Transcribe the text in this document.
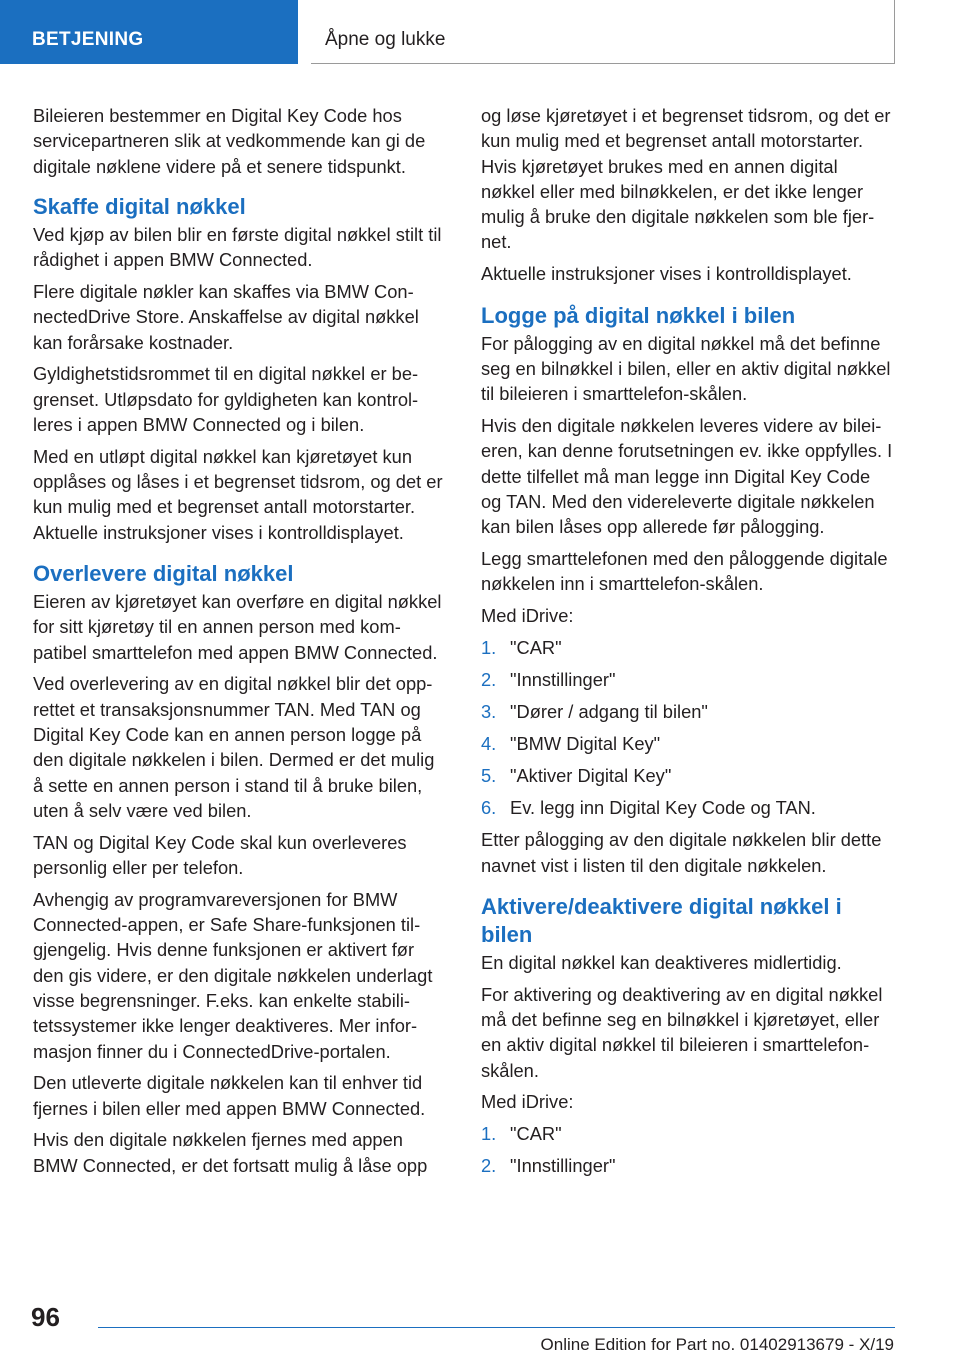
BETJENING	Åpne og lukke

Bileieren bestemmer en Digital Key Code hos servicepartneren slik at vedkommende kan gi de digitale nøklene videre på et senere tidspunkt.

Skaffe digital nøkkel

Ved kjøp av bilen blir en første digital nøkkel stilt til rådighet i appen BMW Connected.

Flere digitale nøkler kan skaffes via BMW ConnectedDrive Store. Anskaffelse av digital nøkkel kan forårsake kostnader.

Gyldighetstidsrommet til en digital nøkkel er begrenset. Utløpsdato for gyldigheten kan kontrolleres i appen BMW Connected og i bilen.

Med en utløpt digital nøkkel kan kjøretøyet kun opplåses og låses i et begrenset tidsrom, og det er kun mulig med et begrenset antall motorstarter. Aktuelle instruksjoner vises i kontrolldisplayet.

Overlevere digital nøkkel

Eieren av kjøretøyet kan overføre en digital nøkkel for sitt kjøretøy til en annen person med kompatibel smarttelefon med appen BMW Connected.

Ved overlevering av en digital nøkkel blir det opprettet et transaksjonsnummer TAN. Med TAN og Digital Key Code kan en annen person logge på den digitale nøkkelen i bilen. Dermed er det mulig å sette en annen person i stand til å bruke bilen, uten å selv være ved bilen.

TAN og Digital Key Code skal kun overleveres personlig eller per telefon.

Avhengig av programvareversjonen for BMW Connected-appen, er Safe Share-funksjonen tilgjengelig. Hvis denne funksjonen er aktivert før den gis videre, er den digitale nøkkelen underlagt visse begrensninger. F.eks. kan enkelte stabilitetssystemer ikke lenger deaktiveres. Mer informasjon finner du i ConnectedDrive-portalen.

Den utleverte digitale nøkkelen kan til enhver tid fjernes i bilen eller med appen BMW Connected.

Hvis den digitale nøkkelen fjernes med appen BMW Connected, er det fortsatt mulig å låse opp

og løse kjøretøyet i et begrenset tidsrom, og det er kun mulig med et begrenset antall motorstarter. Hvis kjøretøyet brukes med en annen digital nøkkel eller med bilnøkkelen, er det ikke lenger mulig å bruke den digitale nøkkelen som ble fjernet.

Aktuelle instruksjoner vises i kontrolldisplayet.

Logge på digital nøkkel i bilen

For pålogging av en digital nøkkel må det befinne seg en bilnøkkel i bilen, eller en aktiv digital nøkkel til bileieren i smarttelefon-skålen.

Hvis den digitale nøkkelen leveres videre av bileieren, kan denne forutsetningen ev. ikke oppfylles. I dette tilfellet må man legge inn Digital Key Code og TAN. Med den videreleverte digitale nøkkelen kan bilen låses opp allerede før pålogging.

Legg smarttelefonen med den påloggende digitale nøkkelen inn i smarttelefon-skålen.

Med iDrive:

1. "CAR"
2. "Innstillinger"
3. "Dører / adgang til bilen"
4. "BMW Digital Key"
5. "Aktiver Digital Key"
6. Ev. legg inn Digital Key Code og TAN.

Etter pålogging av den digitale nøkkelen blir dette navnet vist i listen til den digitale nøkkelen.

Aktivere/deaktivere digital nøkkel i bilen

En digital nøkkel kan deaktiveres midlertidig.

For aktivering og deaktivering av en digital nøkkel må det befinne seg en bilnøkkel i kjøretøyet, eller en aktiv digital nøkkel til bileieren i smarttelefonskålen.

Med iDrive:

1. "CAR"
2. "Innstillinger"
96
Online Edition for Part no. 01402913679 - X/19
